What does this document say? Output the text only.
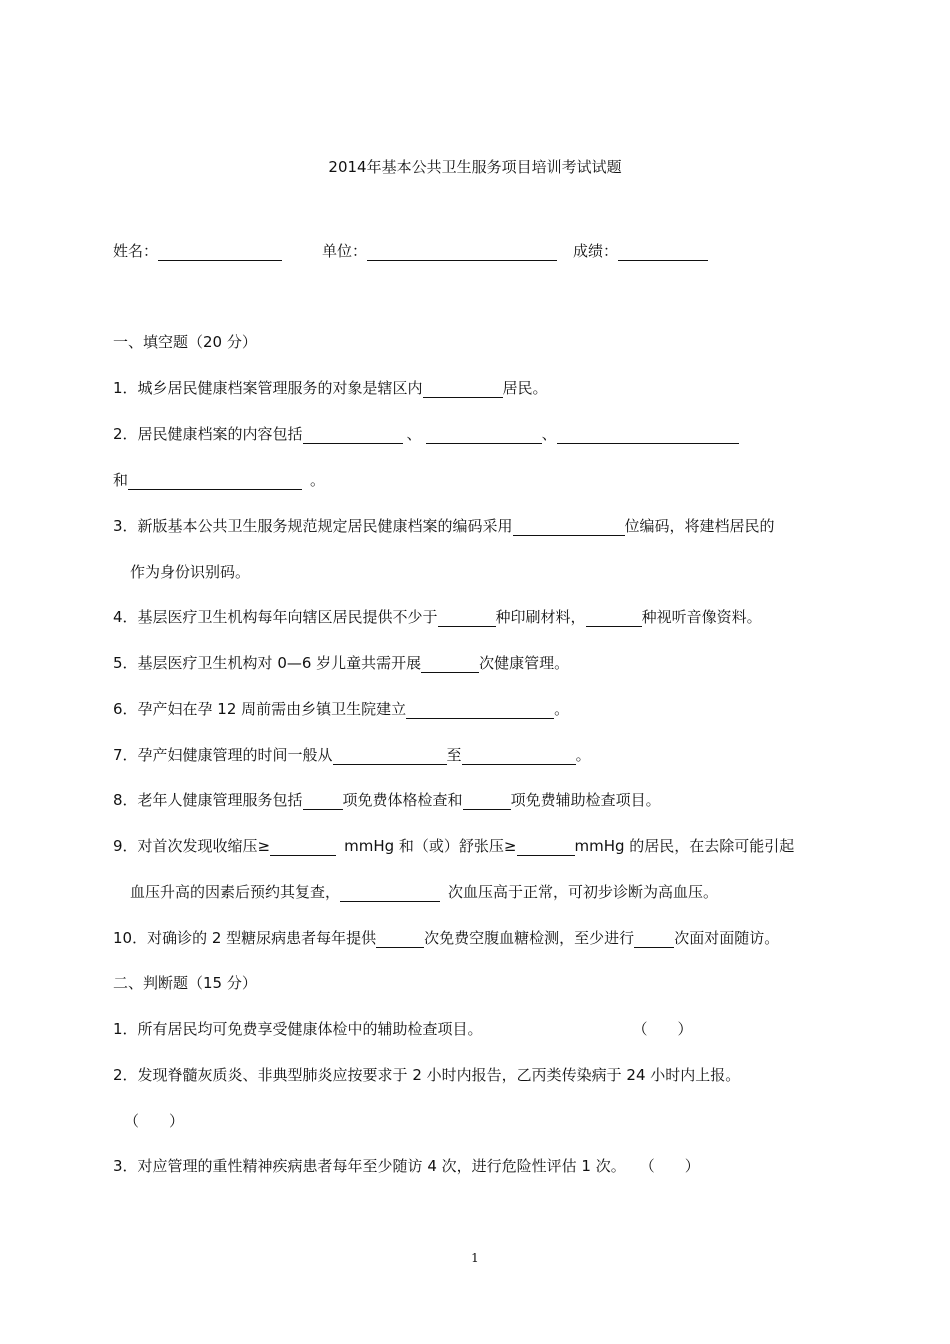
2014年基本公共卫生服务项目培训考试试题
姓名：	单位：	成绩：
一、填空题（20 分）
1．城乡居民健康档案管理服务的对象是辖区内	居民。
2．居民健康档案的内容包括	、	、
和	。
3．新版基本公共卫生服务规范规定居民健康档案的编码采用	位编码，将建档居民的
作为身份识别码。
4．基层医疗卫生机构每年向辖区居民提供不少于	种印刷材料，	种视听音像资料。
5．基层医疗卫生机构对 0—6 岁儿童共需开展	次健康管理。
6．孕产妇在孕 12 周前需由乡镇卫生院建立	。
7．孕产妇健康管理的时间一般从	至	。
8．老年人健康管理服务包括	项免费体格检查和	项免费辅助检查项目。
9．对首次发现收缩压≥	mmHg 和（或）舒张压≥	mmHg 的居民，在去除可能引起
血压升高的因素后预约其复查，	次血压高于正常，可初步诊断为高血压。
10．对确诊的 2 型糖尿病患者每年提供	次免费空腹血糖检测，至少进行	次面对面随访。
二、判断题（15 分）
1．所有居民均可免费享受健康体检中的辅助检查项目。	（　　）
2．发现脊髓灰质炎、非典型肺炎应按要求于 2 小时内报告，乙丙类传染病于 24 小时内上报。
（　　）
3．对应管理的重性精神疾病患者每年至少随访 4 次，进行危险性评估 1 次。 （　　）
1
